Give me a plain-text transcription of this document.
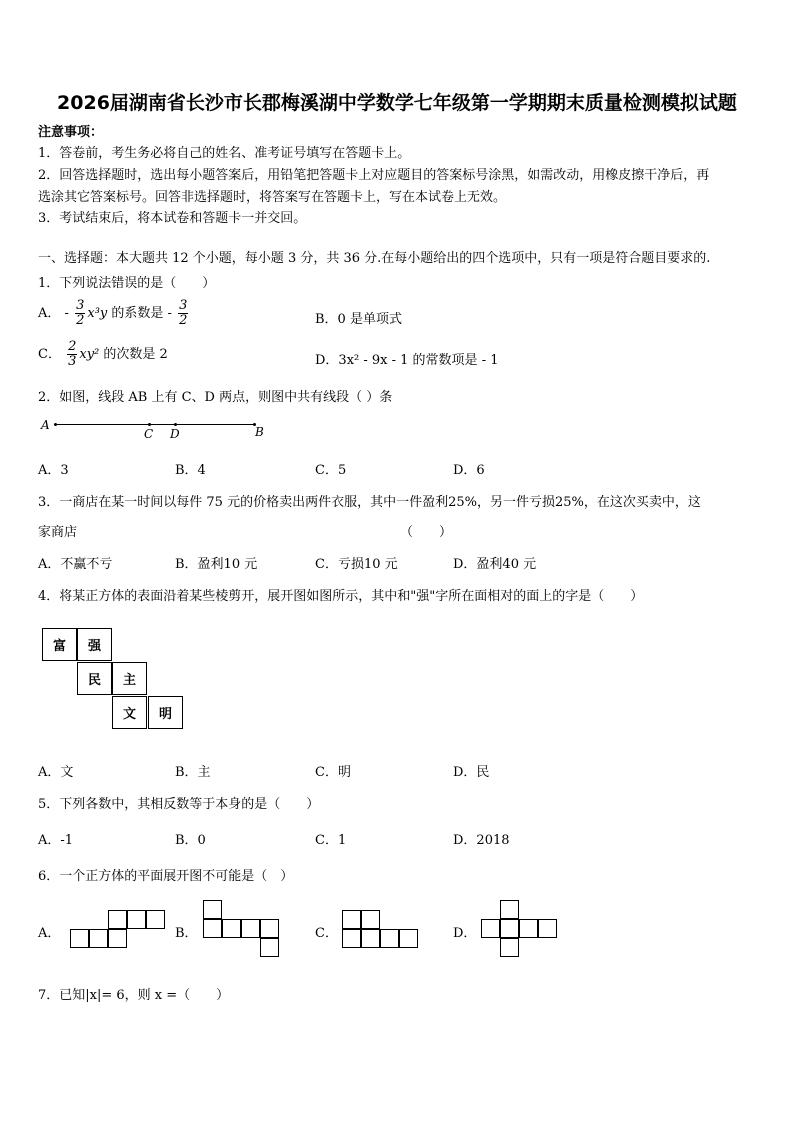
2026届湖南省长沙市长郡梅溪湖中学数学七年级第一学期期末质量检测模拟试题
注意事项：
1．答卷前，考生务必将自己的姓名、准考证号填写在答题卡上。
2．回答选择题时，选出每小题答案后，用铅笔把答题卡上对应题目的答案标号涂黑，如需改动，用橡皮擦干净后，再
选涂其它答案标号。回答非选择题时，将答案写在答题卡上，写在本试卷上无效。
3．考试结束后，将本试卷和答题卡一并交回。
一、选择题：本大题共 12 个小题，每小题 3 分，共 36 分.在每小题给出的四个选项中，只有一项是符合题目要求的.
1．下列说法错误的是（　　）
A． - $\frac{3}{2} x^3y$ 的系数是 - $\frac{3}{2}$	B．0 是单项式
C． $\frac{2}{3} xy^2$ 的次数是 2	D．3x² - 9x - 1 的常数项是 - 1
2．如图，线段 AB 上有 C、D 两点，则图中共有线段（ ）条
A
C D	B
A．3	B．4	C．5	D．6
3．一商店在某一时间以每件 75 元的价格卖出两件衣服，其中一件盈利25%，另一件亏损25%，在这次买卖中，这
家商店	（　　）
A．不赢不亏	B．盈利10 元	C．亏损10 元	D．盈利40 元
4．将某正方体的表面沿着某些棱剪开，展开图如图所示，其中和"强"字所在面相对的面上的字是（　　）
富	强
民	主
文	明
A．文	B．主	C．明	D．民
5．下列各数中，其相反数等于本身的是（　　）
A．-1	B．0	C．1	D．2018
6．一个正方体的平面展开图不可能是（　）
A．	B．	C．	D．
7．已知|x|= 6，则 x =（　　）
